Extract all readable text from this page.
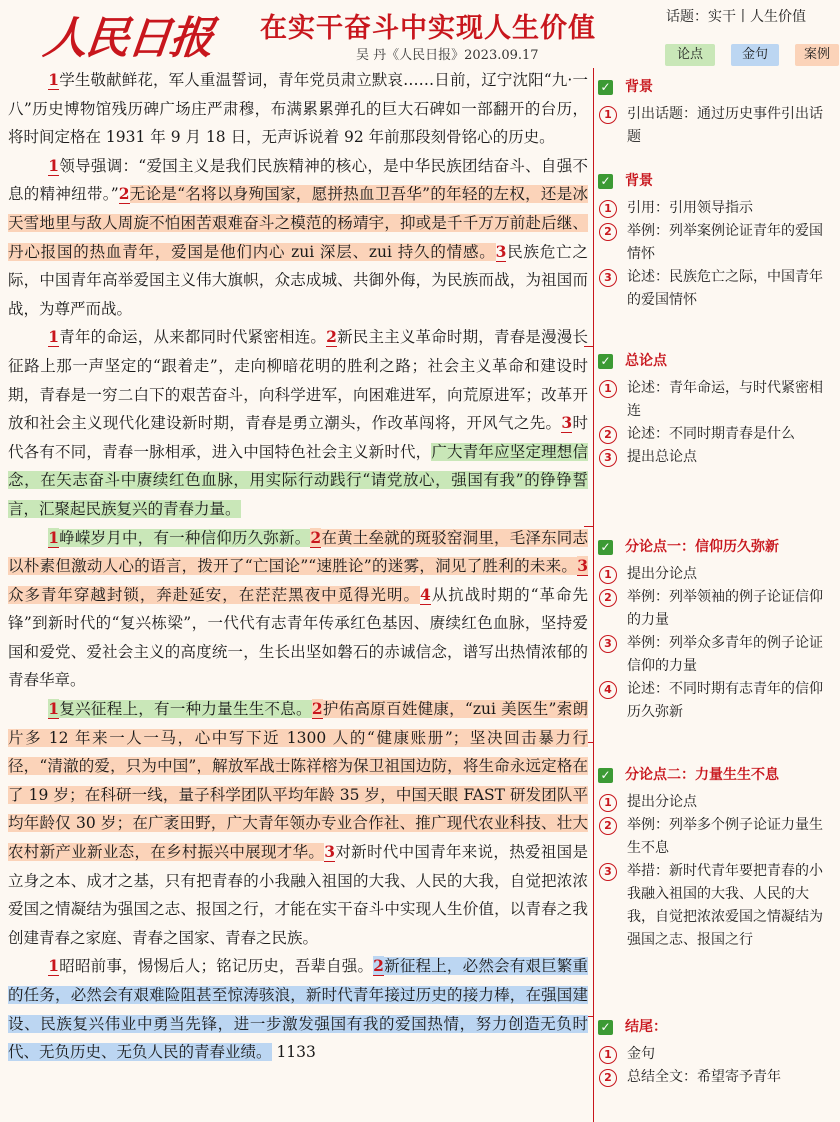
人民日报 在实干奋斗中实现人生价值
吴 丹《人民日报》2023.09.17
话题：实干丨人生价值
论点	金句	案例

1学生敬献鲜花，军人重温誓词，青年党员肃立默哀……日前，辽宁沈阳“九·一八”历史博物馆残历碑广场庄严肃穆，布满累累弹孔的巨大石碑如一部翻开的台历，将时间定格在 1931 年 9 月 18 日，无声诉说着 92 年前那段刻骨铭心的历史。

1领导强调：“爱国主义是我们民族精神的核心，是中华民族团结奋斗、自强不息的精神纽带。”2无论是“名将以身殉国家，愿拼热血卫吾华”的年轻的左权，还是冰天雪地里与敌人周旋不怕困苦艰难奋斗之模范的杨靖宇，抑或是千千万万前赴后继、丹心报国的热血青年，爱国是他们内心 zui 深层、zui 持久的情感。3民族危亡之际，中国青年高举爱国主义伟大旗帜，众志成城、共御外侮，为民族而战，为祖国而战，为尊严而战。

1青年的命运，从来都同时代紧密相连。2新民主主义革命时期，青春是漫漫长征路上那一声坚定的“跟着走”，走向柳暗花明的胜利之路；社会主义革命和建设时期，青春是一穷二白下的艰苦奋斗，向科学进军，向困难进军，向荒原进军；改革开放和社会主义现代化建设新时期，青春是勇立潮头，作改革闯将，开风气之先。3时代各有不同，青春一脉相承，进入中国特色社会主义新时代，广大青年应坚定理想信念，在矢志奋斗中赓续红色血脉，用实际行动践行“请党放心，强国有我”的铮铮誓言，汇聚起民族复兴的青春力量。

1峥嵘岁月中，有一种信仰历久弥新。2在黄土垒就的斑驳窑洞里，毛泽东同志以朴素但激动人心的语言，拨开了“亡国论”“速胜论”的迷雾，洞见了胜利的未来。3众多青年穿越封锁，奔赴延安，在茫茫黑夜中觅得光明。4从抗战时期的“革命先锋”到新时代的“复兴栋梁”，一代代有志青年传承红色基因、赓续红色血脉，坚持爱国和爱党、爱社会主义的高度统一，生长出坚如磐石的赤诚信念，谱写出热情浓郁的青春华章。

1复兴征程上，有一种力量生生不息。2护佑高原百姓健康，“zui 美医生”索朗片多 12 年来一人一马，心中写下近 1300 人的“健康账册”；坚决回击暴力行径，“清澈的爱，只为中国”，解放军战士陈祥榕为保卫祖国边防，将生命永远定格在了 19 岁；在科研一线，量子科学团队平均年龄 35 岁，中国天眼 FAST 研发团队平均年龄仅 30 岁；在广袤田野，广大青年领办专业合作社、推广现代农业科技、壮大农村新产业新业态，在乡村振兴中展现才华。3对新时代中国青年来说，热爱祖国是立身之本、成才之基，只有把青春的小我融入祖国的大我、人民的大我，自觉把浓浓爱国之情凝结为强国之志、报国之行，才能在实干奋斗中实现人生价值，以青春之我创建青春之家庭、青春之国家、青春之民族。

1昭昭前事，惕惕后人；铭记历史，吾辈自强。2新征程上，必然会有艰巨繁重的任务，必然会有艰难险阻甚至惊涛骇浪，新时代青年接过历史的接力棒，在强国建设、民族复兴伟业中勇当先锋，进一步激发强国有我的爱国热情，努力创造无负时代、无负历史、无负人民的青春业绩。 1133

✓ 背景
1	引出话题：通过历史事件引出话题
✓ 背景
1	引用：引用领导指示
2	举例：列举案例论证青年的爱国情怀
3	论述：民族危亡之际，中国青年的爱国情怀
✓ 总论点
1	论述：青年命运，与时代紧密相连
2	论述：不同时期青春是什么
3	提出总论点
✓ 分论点一：信仰历久弥新
1	提出分论点
2	举例：列举领袖的例子论证信仰的力量
3	举例：列举众多青年的例子论证信仰的力量
4	论述：不同时期有志青年的信仰历久弥新
✓ 分论点二：力量生生不息
1	提出分论点
2	举例：列举多个例子论证力量生生不息
3	举措：新时代青年要把青春的小我融入祖国的大我、人民的大我，自觉把浓浓爱国之情凝结为强国之志、报国之行
✓ 结尾：
1	金句
2	总结全文：希望寄予青年
